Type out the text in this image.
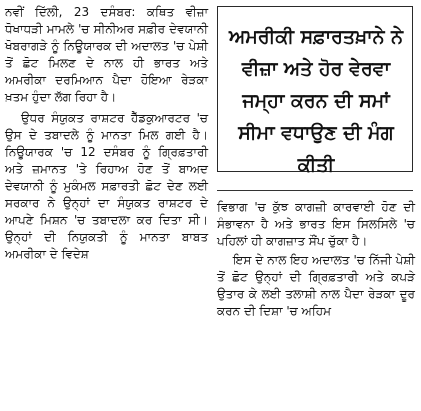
ਨਵੀਂ ਦਿੱਲੀ, 23 ਦਸੰਬਰ: ਕਥਿਤ ਵੀਜ਼ਾ ਧੋਖਾਧੜੀ ਮਾਮਲੇ 'ਚ ਸੀਨੀਅਰ ਸਫ਼ੀਰ ਦੇਵਯਾਨੀ ਖੋਬਰਾਗੜੇ ਨੂੰ ਨਿਊਯਾਰਕ ਦੀ ਅਦਾਲਤ 'ਚ ਪੇਸ਼ੀ ਤੋਂ ਛੋਟ ਮਿਲਣ ਦੇ ਨਾਲ ਹੀ ਭਾਰਤ ਅਤੇ ਅਮਰੀਕਾ ਦਰਮਿਆਨ ਪੈਦਾ ਹੋਇਆ ਰੇੜਕਾ ਖ਼ਤਮ ਹੁੰਦਾ ਲੱਗ ਰਿਹਾ ਹੈ।

ਉਧਰ ਸੰਯੁਕਤ ਰਾਸ਼ਟਰ ਹੈੱਡਕੁਆਰਟਰ 'ਚ ਉਸ ਦੇ ਤਬਾਦਲੇ ਨੂੰ ਮਾਨਤਾ ਮਿਲ ਗਈ ਹੈ। ਨਿਊਯਾਰਕ 'ਚ 12 ਦਸੰਬਰ ਨੂੰ ਗ੍ਰਿਫ਼ਤਾਰੀ ਅਤੇ ਜ਼ਮਾਨਤ 'ਤੇ ਰਿਹਾਅ ਹੋਣ ਤੋਂ ਬਾਅਦ ਦੇਵਯਾਨੀ ਨੂੰ ਮੁਕੰਮਲ ਸਫ਼ਾਰਤੀ ਛੋਟ ਦੇਣ ਲਈ ਸਰਕਾਰ ਨੇ ਉਨ੍ਹਾਂ ਦਾ ਸੰਯੁਕਤ ਰਾਸ਼ਟਰ ਦੇ ਆਪਣੇ ਮਿਸ਼ਨ 'ਚ ਤਬਾਦਲਾ ਕਰ ਦਿਤਾ ਸੀ। ਉਨ੍ਹਾਂ ਦੀ ਨਿਯੁਕਤੀ ਨੂੰ ਮਾਨਤਾ ਬਾਬਤ ਅਮਰੀਕਾ ਦੇ ਵਿਦੇਸ਼

ਅਮਰੀਕੀ ਸਫ਼ਾਰਤਖ਼ਾਨੇ ਨੇ ਵੀਜ਼ਾ ਅਤੇ ਹੋਰ ਵੇਰਵਾ ਜਮ੍ਹਾ ਕਰਨ ਦੀ ਸਮਾਂ ਸੀਮਾ ਵਧਾਉਣ ਦੀ ਮੰਗ ਕੀਤੀ

ਵਿਭਾਗ 'ਚ ਕੁੱਝ ਕਾਗਜ਼ੀ ਕਾਰਵਾਈ ਹੋਣ ਦੀ ਸੰਭਾਵਨਾ ਹੈ ਅਤੇ ਭਾਰਤ ਇਸ ਸਿਲਸਿਲੇ 'ਚ ਪਹਿਲਾਂ ਹੀ ਕਾਗਜ਼ਾਤ ਸੌਂਪ ਚੁੱਕਾ ਹੈ।

ਇਸ ਦੇ ਨਾਲ ਇਹ ਅਦਾਲਤ 'ਚ ਨਿੱਜੀ ਪੇਸ਼ੀ ਤੋਂ ਛੋਟ ਉਨ੍ਹਾਂ ਦੀ ਗ੍ਰਿਫ਼ਤਾਰੀ ਅਤੇ ਕਪੜੇ ਉਤਾਰ ਕੇ ਲਈ ਤਲਾਸ਼ੀ ਨਾਲ ਪੈਦਾ ਰੇੜਕਾ ਦੂਰ ਕਰਨ ਦੀ ਦਿਸ਼ਾ 'ਚ ਅਹਿਮ
